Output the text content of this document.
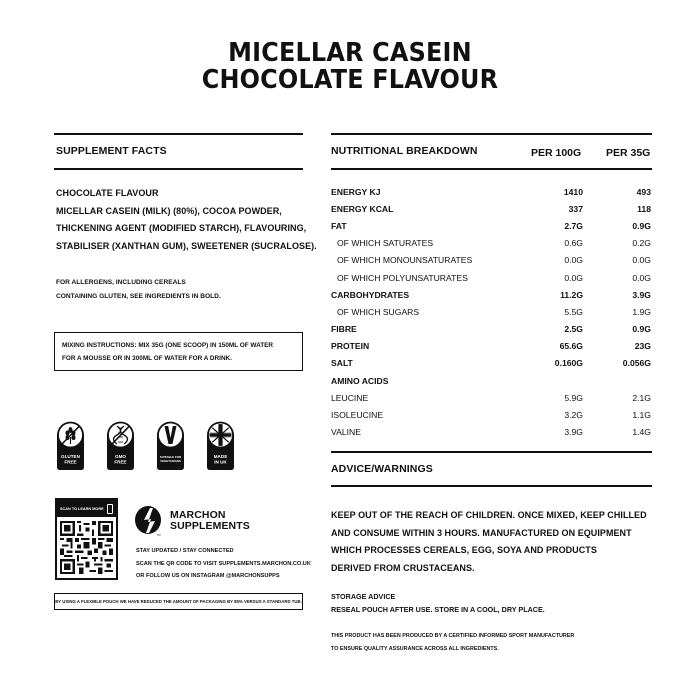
MICELLAR CASEIN
CHOCOLATE FLAVOUR
SUPPLEMENT FACTS
CHOCOLATE FLAVOUR
MICELLAR CASEIN (MILK) (80%), COCOA POWDER,
THICKENING AGENT (MODIFIED STARCH), FLAVOURING,
STABILISER (XANTHAN GUM), SWEETENER (SUCRALOSE).
FOR ALLERGENS, INCLUDING CEREALS
CONTAINING GLUTEN, SEE INGREDIENTS IN BOLD.
MIXING INSTRUCTIONS: MIX 35G (ONE SCOOP) IN 150ML OF WATER
FOR A MOUSSE OR IN 300ML OF WATER FOR A DRINK.
GLUTEN
FREE
GMO
FREE
SUITABLE FOR
VEGETARIANS
MADE
IN UK
SCAN TO LEARN MORE
TM
MARCHON
SUPPLEMENTS
STAY UPDATED / STAY CONNECTED
SCAN THE QR CODE TO VISIT SUPPLEMENTS.MARCHON.CO.UK
OR FOLLOW US ON INSTAGRAM @MARCHONSUPPS
BY USING A FLEXIBLE POUCH WE HAVE REDUCED THE AMOUNT OF PACKAGING BY 85% VERSUS A STANDARD TUB.
NUTRITIONAL BREAKDOWN	PER 100G PER 35G
ENERGY KJ	1410	493
ENERGY KCAL	337	118
FAT	2.7G	0.9G
OF WHICH SATURATES	0.6G	0.2G
OF WHICH MONOUNSATURATES	0.0G	0.0G
OF WHICH POLYUNSATURATES	0.0G	0.0G
CARBOHYDRATES	11.2G	3.9G
OF WHICH SUGARS	5.5G	1.9G
FIBRE	2.5G	0.9G
PROTEIN	65.6G	23G
SALT	0.160G	0.056G
AMINO ACIDS
LEUCINE	5.9G	2.1G
ISOLEUCINE	3.2G	1.1G
VALINE	3.9G	1.4G
ADVICE/WARNINGS
KEEP OUT OF THE REACH OF CHILDREN. ONCE MIXED, KEEP CHILLED
AND CONSUME WITHIN 3 HOURS. MANUFACTURED ON EQUIPMENT
WHICH PROCESSES CEREALS, EGG, SOYA AND PRODUCTS
DERIVED FROM CRUSTACEANS.
STORAGE ADVICE
RESEAL POUCH AFTER USE. STORE IN A COOL, DRY PLACE.
THIS PRODUCT HAS BEEN PRODUCED BY A CERTIFIED INFORMED SPORT MANUFACTURER
TO ENSURE QUALITY ASSURANCE ACROSS ALL INGREDIENTS.
